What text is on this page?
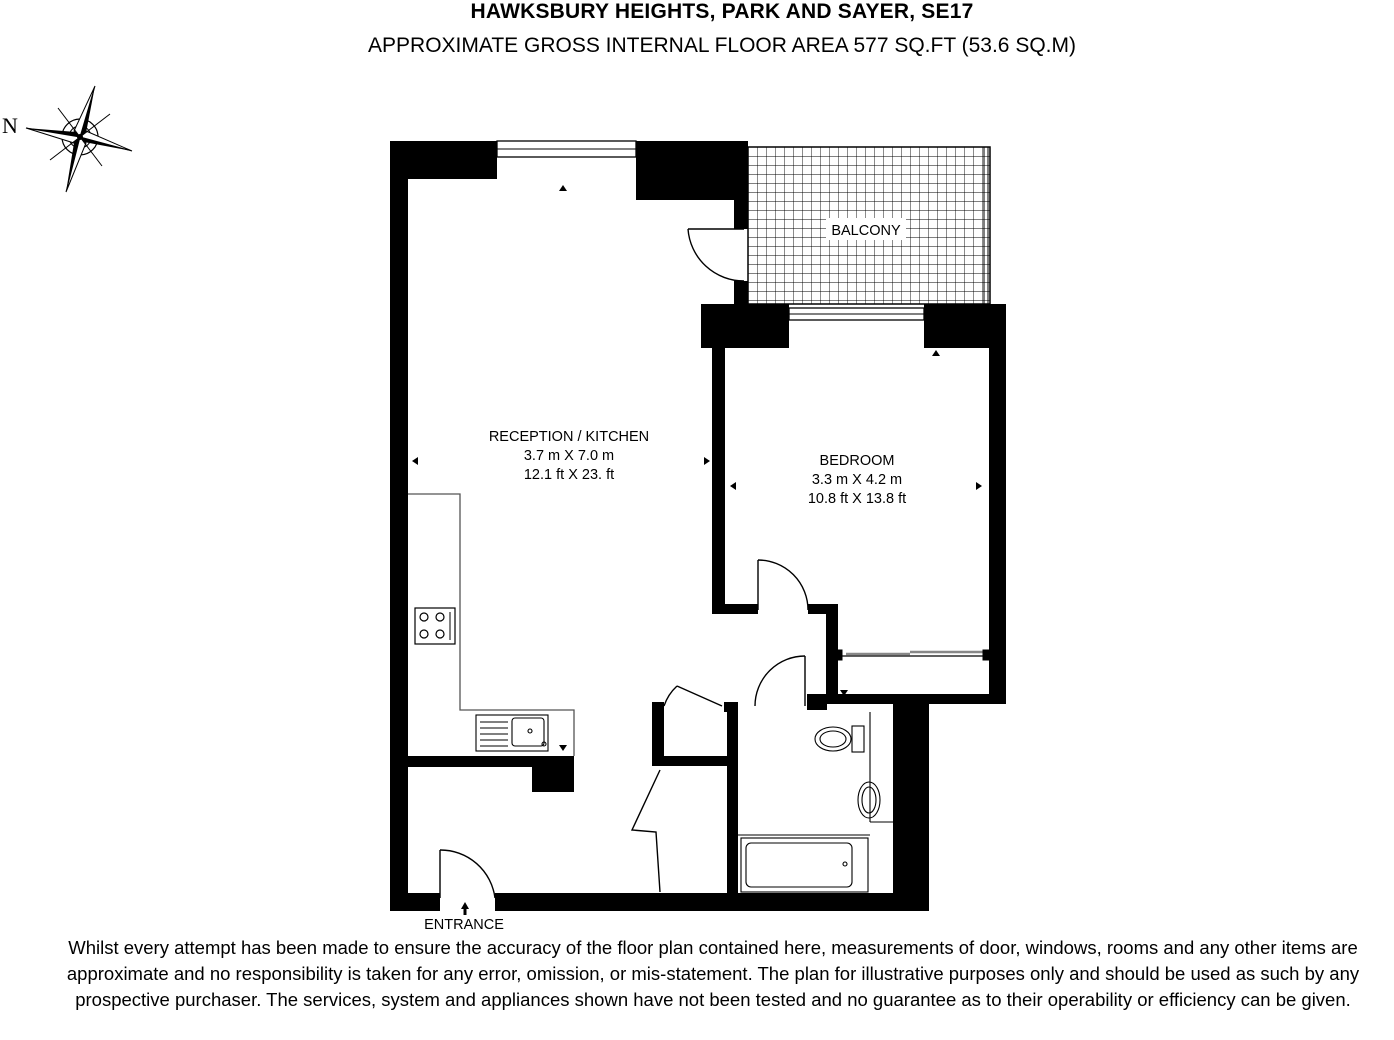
HAWKSBURY HEIGHTS, PARK AND SAYER, SE17
APPROXIMATE GROSS INTERNAL FLOOR AREA 577 SQ.FT (53.6 SQ.M)
N
RECEPTION / KITCHEN
3.7 m X 7.0 m
12.1 ft X 23. ft
BEDROOM
3.3 m X 4.2 m
10.8 ft X 13.8 ft
BALCONY
ENTRANCE
Whilst every attempt has been made to ensure the accuracy of the floor plan contained here, measurements of door, windows, rooms and any other items are approximate and no responsibility is taken for any error, omission, or mis-statement. The plan for illustrative purposes only and should be used as such by any prospective purchaser. The services, system and appliances shown have not been tested and no guarantee as to their operability or efficiency can be given.
